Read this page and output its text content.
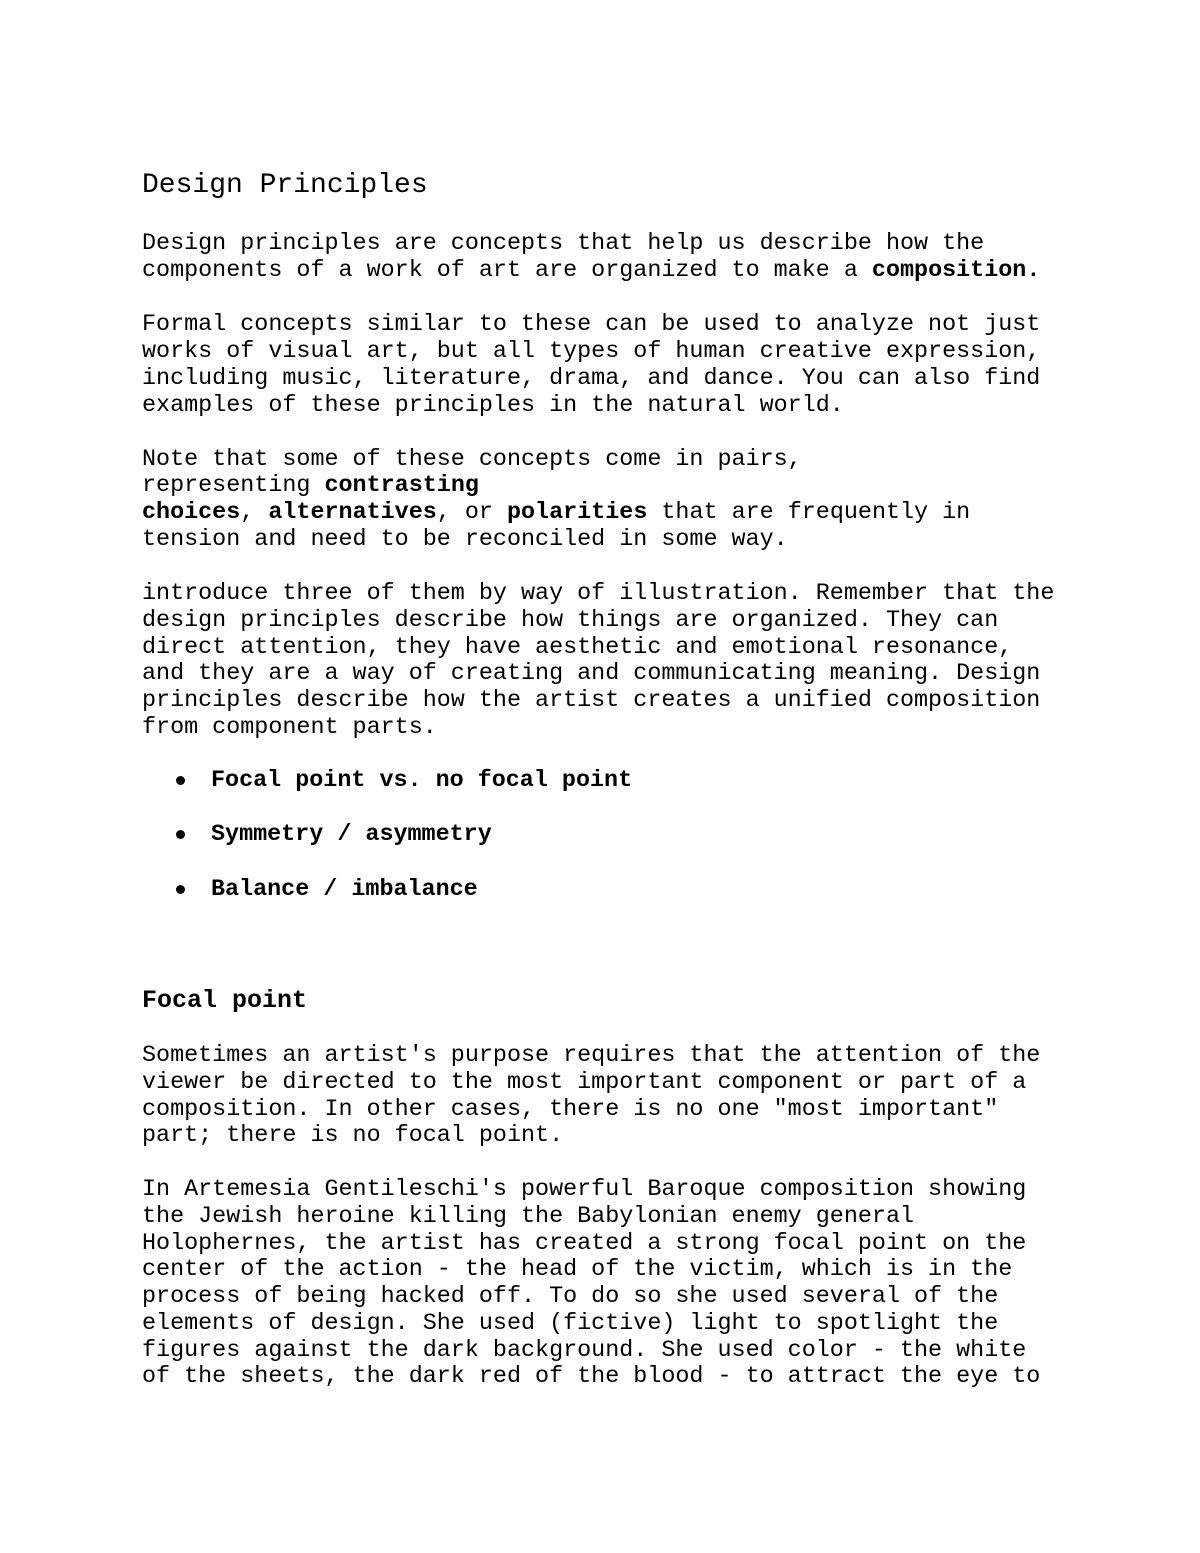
Design Principles
Design principles are concepts that help us describe how the
components of a work of art are organized to make a composition.
Formal concepts similar to these can be used to analyze not just
works of visual art, but all types of human creative expression,
including music, literature, drama, and dance. You can also find
examples of these principles in the natural world.
Note that some of these concepts come in pairs,
representing contrasting
choices, alternatives, or polarities that are frequently in
tension and need to be reconciled in some way.
introduce three of them by way of illustration. Remember that the
design principles describe how things are organized. They can
direct attention, they have aesthetic and emotional resonance,
and they are a way of creating and communicating meaning. Design
principles describe how the artist creates a unified composition
from component parts.
Focal point vs. no focal point
Symmetry / asymmetry
Balance / imbalance
Focal point
Sometimes an artist's purpose requires that the attention of the
viewer be directed to the most important component or part of a
composition. In other cases, there is no one "most important"
part; there is no focal point.
In Artemesia Gentileschi's powerful Baroque composition showing
the Jewish heroine killing the Babylonian enemy general
Holophernes, the artist has created a strong focal point on the
center of the action - the head of the victim, which is in the
process of being hacked off. To do so she used several of the
elements of design. She used (fictive) light to spotlight the
figures against the dark background. She used color - the white
of the sheets, the dark red of the blood - to attract the eye to
